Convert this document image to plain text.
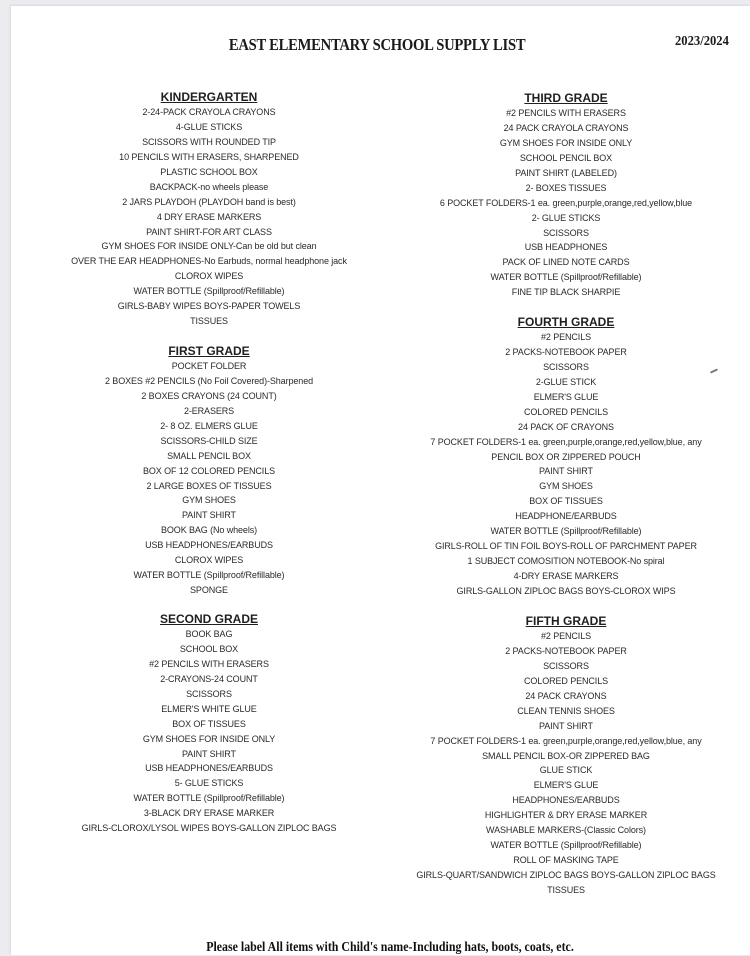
EAST ELEMENTARY SCHOOL SUPPLY LIST	2023/2024
KINDERGARTEN
2-24-PACK CRAYOLA CRAYONS
4-GLUE STICKS
SCISSORS WITH ROUNDED TIP
10 PENCILS WITH ERASERS, SHARPENED
PLASTIC SCHOOL BOX
BACKPACK-no wheels please
2 JARS PLAYDOH (PLAYDOH band is best)
4 DRY ERASE MARKERS
PAINT SHIRT-FOR ART CLASS
GYM SHOES FOR INSIDE ONLY-Can be old but clean
OVER THE EAR HEADPHONES-No Earbuds, normal headphone jack
CLOROX WIPES
WATER BOTTLE (Spillproof/Refillable)
GIRLS-BABY WIPES BOYS-PAPER TOWELS
TISSUES
FIRST GRADE
POCKET FOLDER
2 BOXES #2 PENCILS (No Foil Covered)-Sharpened
2 BOXES CRAYONS (24 COUNT)
2-ERASERS
2- 8 OZ. ELMERS GLUE
SCISSORS-CHILD SIZE
SMALL PENCIL BOX
BOX OF 12 COLORED PENCILS
2 LARGE BOXES OF TISSUES
GYM SHOES
PAINT SHIRT
BOOK BAG (No wheels)
USB HEADPHONES/EARBUDS
CLOROX WIPES
WATER BOTTLE (Spillproof/Refillable)
SPONGE
SECOND GRADE
BOOK BAG
SCHOOL BOX
#2 PENCILS WITH ERASERS
2-CRAYONS-24 COUNT
SCISSORS
ELMER'S WHITE GLUE
BOX OF TISSUES
GYM SHOES FOR INSIDE ONLY
PAINT SHIRT
USB HEADPHONES/EARBUDS
5- GLUE STICKS
WATER BOTTLE (Spillproof/Refillable)
3-BLACK DRY ERASE MARKER
GIRLS-CLOROX/LYSOL WIPES BOYS-GALLON ZIPLOC BAGS
THIRD GRADE
#2 PENCILS WITH ERASERS
24 PACK CRAYOLA CRAYONS
GYM SHOES FOR INSIDE ONLY
SCHOOL PENCIL BOX
PAINT SHIRT (LABELED)
2- BOXES TISSUES
6 POCKET FOLDERS-1 ea. green,purple,orange,red,yellow,blue
2- GLUE STICKS
SCISSORS
USB HEADPHONES
PACK OF LINED NOTE CARDS
WATER BOTTLE (Spillproof/Refillable)
FINE TIP BLACK SHARPIE
FOURTH GRADE
#2 PENCILS
2 PACKS-NOTEBOOK PAPER
SCISSORS
2-GLUE STICK
ELMER'S GLUE
COLORED PENCILS
24 PACK OF CRAYONS
7 POCKET FOLDERS-1 ea. green,purple,orange,red,yellow,blue, any
PENCIL BOX OR ZIPPERED POUCH
PAINT SHIRT
GYM SHOES
BOX OF TISSUES
HEADPHONE/EARBUDS
WATER BOTTLE (Spillproof/Refillable)
GIRLS-ROLL OF TIN FOIL BOYS-ROLL OF PARCHMENT PAPER
1 SUBJECT COMOSITION NOTEBOOK-No spiral
4-DRY ERASE MARKERS
GIRLS-GALLON ZIPLOC BAGS BOYS-CLOROX WIPS
FIFTH GRADE
#2 PENCILS
2 PACKS-NOTEBOOK PAPER
SCISSORS
COLORED PENCILS
24 PACK CRAYONS
CLEAN TENNIS SHOES
PAINT SHIRT
7 POCKET FOLDERS-1 ea. green,purple,orange,red,yellow,blue, any
SMALL PENCIL BOX-OR ZIPPERED BAG
GLUE STICK
ELMER'S GLUE
HEADPHONES/EARBUDS
HIGHLIGHTER & DRY ERASE MARKER
WASHABLE MARKERS-(Classic Colors)
WATER BOTTLE (Spillproof/Refillable)
ROLL OF MASKING TAPE
GIRLS-QUART/SANDWICH ZIPLOC BAGS BOYS-GALLON ZIPLOC BAGS
TISSUES
Please label All items with Child's name-Including hats, boots, coats, etc.
